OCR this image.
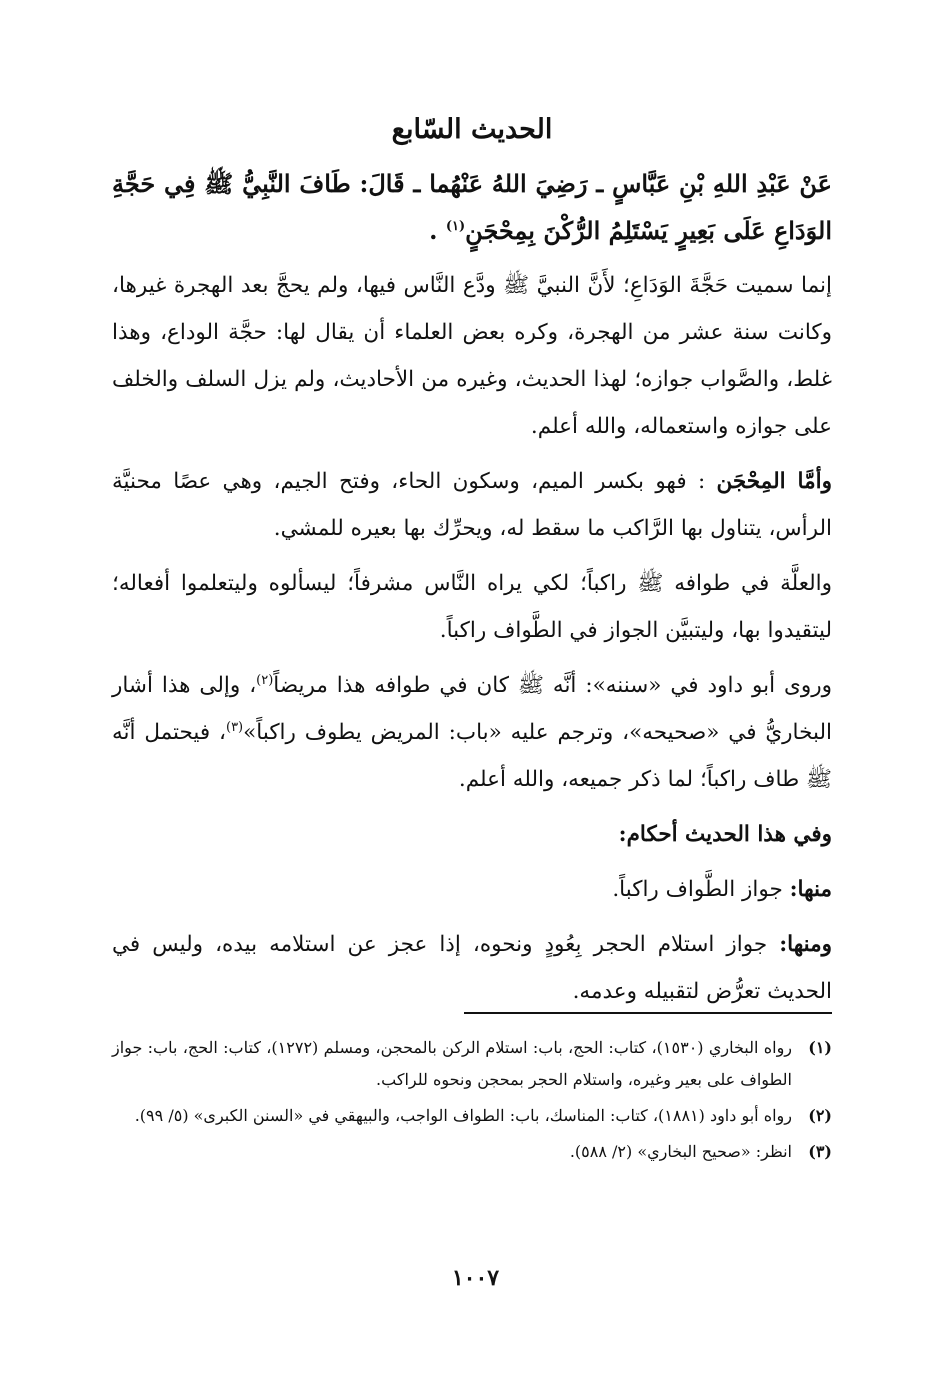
الحديث السّابع
عَنْ عَبْدِ اللهِ بْنِ عَبَّاسٍ ـ رَضِيَ اللهُ عَنْهُما ـ قَالَ: طَافَ النَّبِيُّ ﷺ فِي حَجَّةِ الوَدَاعِ عَلَى بَعِيرٍ يَسْتَلِمُ الرُّكْنَ بِمِحْجَنٍ$^{(١)}$ .
إنما سميت حَجَّةَ الوَدَاعِ؛ لأَنَّ النبيَّ ﷺ ودَّع النَّاس فيها، ولم يحجَّ بعد الهجرة غيرها، وكانت سنة عشر من الهجرة، وكره بعض العلماء أن يقال لها: حجَّة الوداع، وهذا غلط، والصَّواب جوازه؛ لهذا الحديث، وغيره من الأحاديث، ولم يزل السلف والخلف على جوازه واستعماله، والله أعلم.
وأمَّا المِحْجَن : فهو بكسر الميم، وسكون الحاء، وفتح الجيم، وهي عصًا محنيَّة الرأس، يتناول بها الرَّاكب ما سقط له، ويحرِّك بها بعيره للمشي.
والعلَّة في طوافه ﷺ راكباً؛ لكي يراه النَّاس مشرفاً؛ ليسألوه وليتعلموا أفعاله؛ ليتقيدوا بها، وليتبيَّن الجواز في الطَّواف راكباً.
وروى أبو داود في «سننه»: أنَّه ﷺ كان في طوافه هذا مريضاً$^{(٢)}$، وإلى هذا أشار البخاريُّ في «صحيحه»، وترجم عليه «باب: المريض يطوف راكباً»$^{(٣)}$، فيحتمل أنَّه ﷺ طاف راكباً؛ لما ذكر جميعه، والله أعلم.
وفي هذا الحديث أحكام:
منها: جواز الطَّواف راكباً.
ومنها: جواز استلام الحجر بِعُودٍ ونحوه، إذا عجز عن استلامه بيده، وليس في الحديث تعرُّض لتقبيله وعدمه.
(١)
رواه البخاري (١٥٣٠)، كتاب: الحج، باب: استلام الركن بالمحجن، ومسلم (١٢٧٢)، كتاب: الحج، باب: جواز الطواف على بعير وغيره، واستلام الحجر بمحجن ونحوه للراكب.
(٢)
رواه أبو داود (١٨٨١)، كتاب: المناسك، باب: الطواف الواجب، والبيهقي في «السنن الكبرى» (٥/ ٩٩).
(٣)
انظر: «صحيح البخاري» (٢/ ٥٨٨).
١٠٠٧
